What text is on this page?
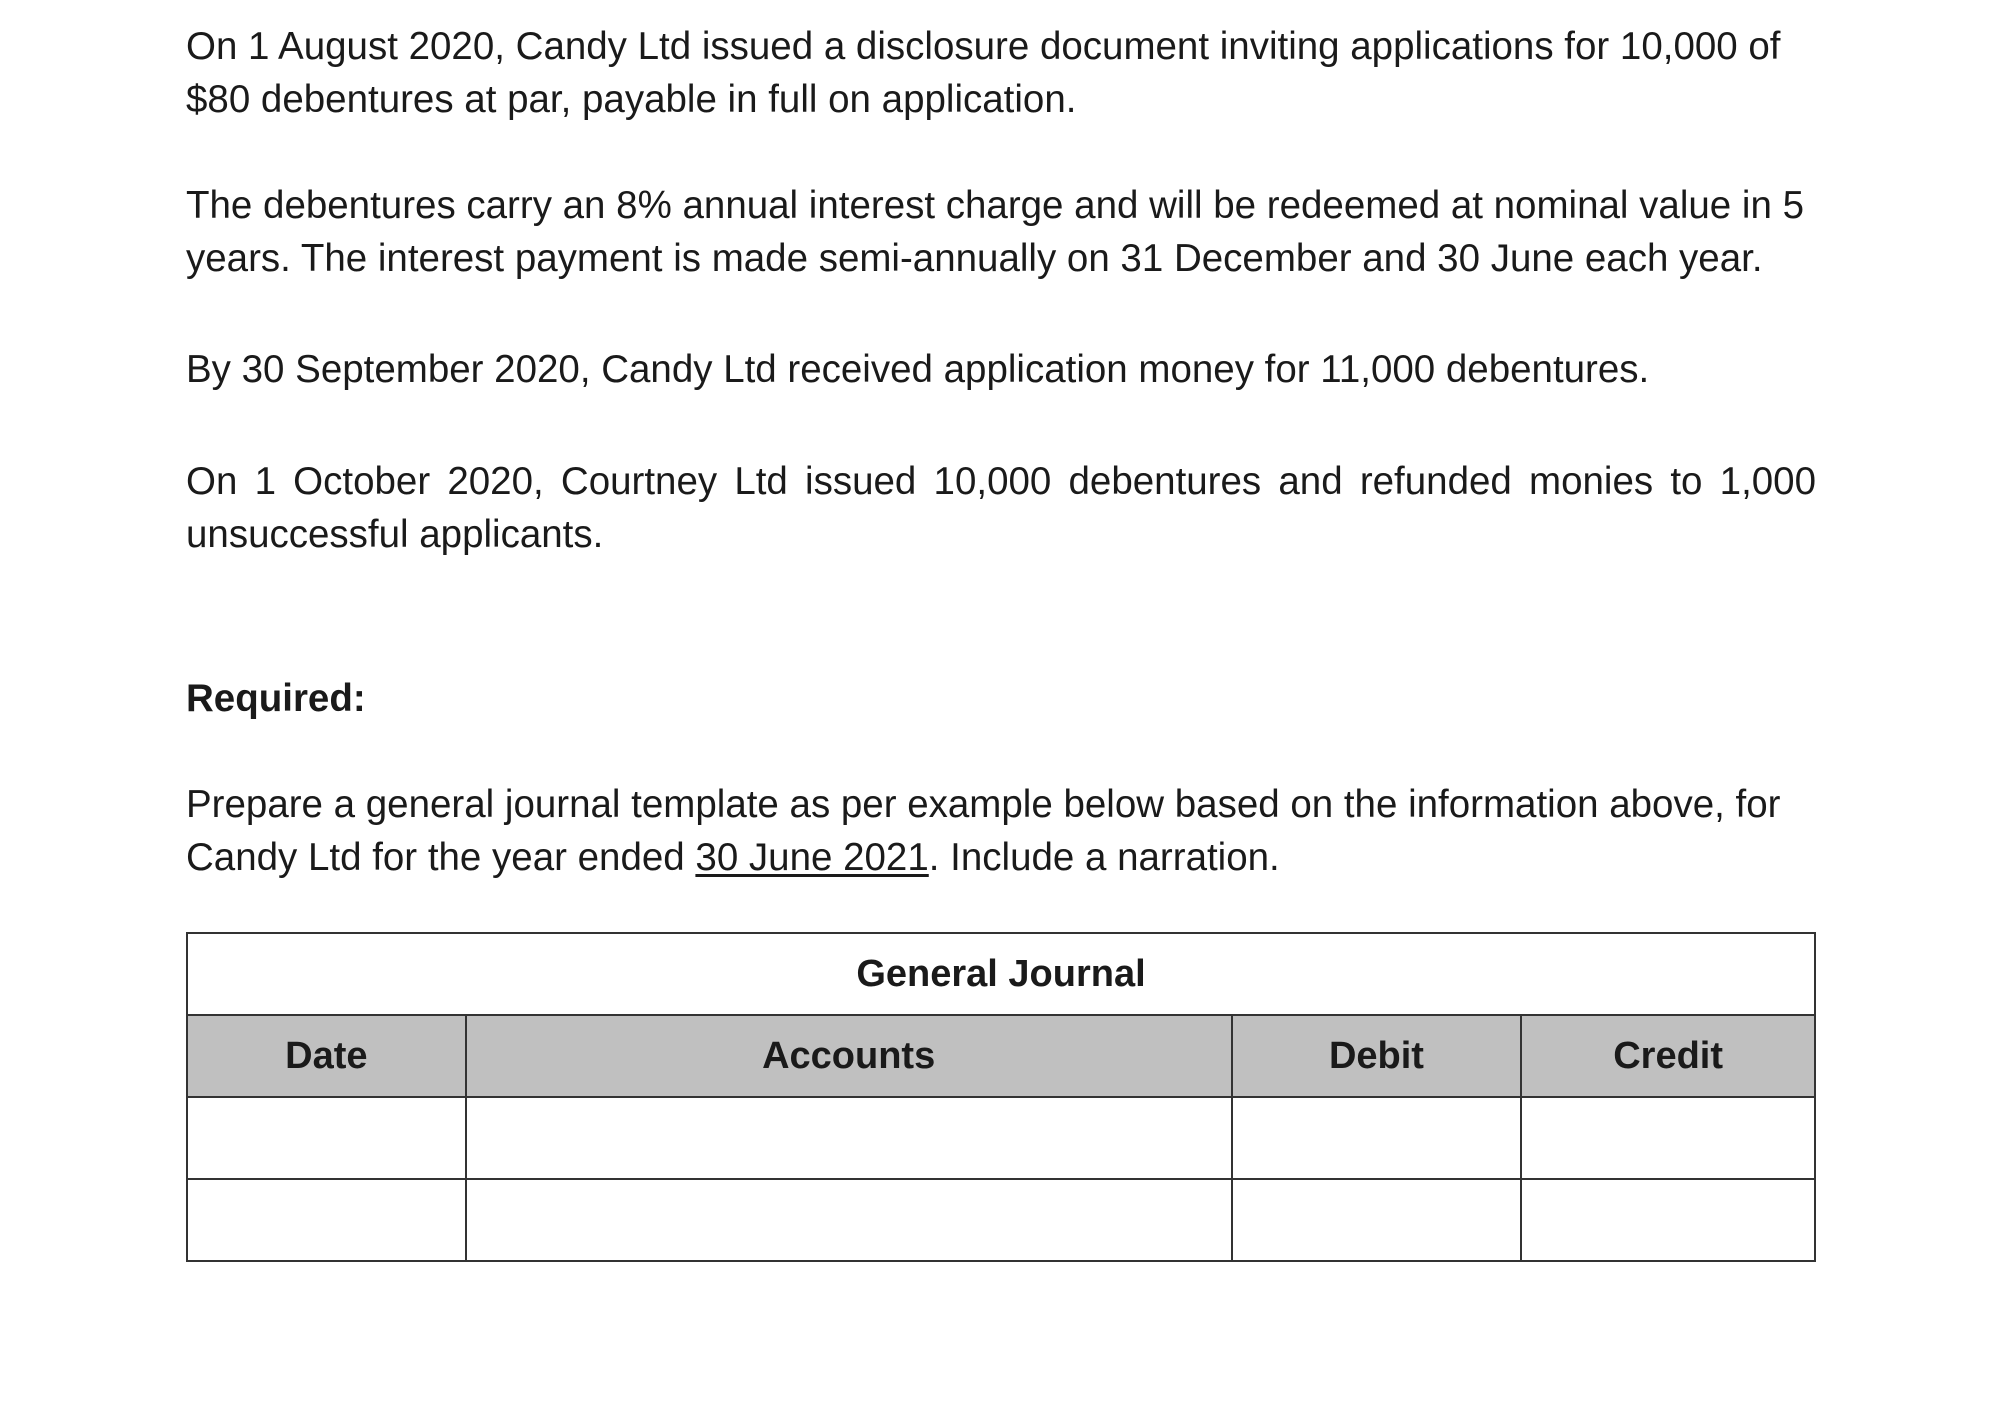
On 1 August 2020, Candy Ltd issued a disclosure document inviting applications for 10,000 of $80 debentures at par, payable in full on application.

The debentures carry an 8% annual interest charge and will be redeemed at nominal value in 5 years. The interest payment is made semi-annually on 31 December and 30 June each year.

By 30 September 2020, Candy Ltd received application money for 11,000 debentures.

On 1 October 2020, Courtney Ltd issued 10,000 debentures and refunded monies to 1,000 unsuccessful applicants.

Required:

Prepare a general journal template as per example below based on the information above, for Candy Ltd for the year ended 30 June 2021. Include a narration.

General Journal			
Date	Accounts	Debit	Credit
